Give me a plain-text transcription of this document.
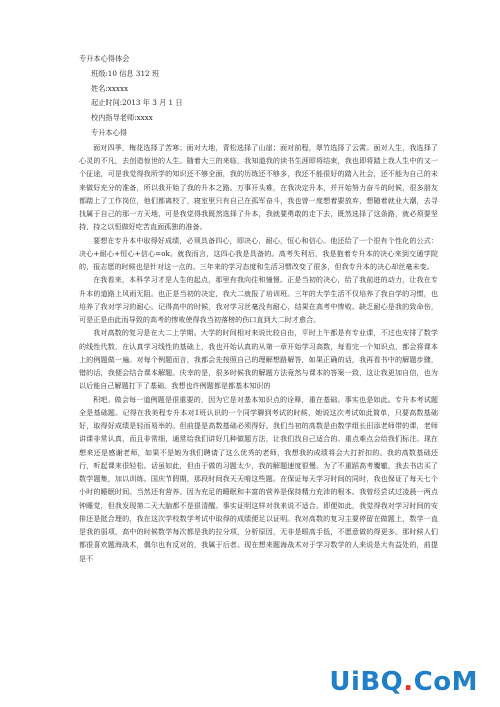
专升本心得体会
班级:10 信息 312 班
姓名:xxxxx
起止时间:2013 年 3 月 1 日
校内指导老师:xxxx
专升本心得

面对四季，梅花选择了苦寒；面对大地，青松选择了山崖；面对前程，翠竹选择了云霄。面对人生，我选择了心灵的不凡，去创造惊世的人生。随着大三的来临，我知道我的读书生涯即将结束，我也即将踏上我人生中的又一个征途，可是我觉得我所学的知识还不够全面，我的历练还不够多，我还不能很好的踏入社会，还不能为自己的未来做好充分的准备，所以我开始了我的升本之路。万事开头难，在我决定升本，并开始努力奋斗的时候，很多朋友都踏上了工作岗位，他们都离校了，寝室里只有自己在孤军奋斗，我也曾一度想着要放弃，想随着就业大潮，去寻找属于自己的那一方天地，可是我觉得我既然选择了升本，我就要勇敢的走下去，既然选择了这条路，就必须要坚持，持之以恒做好吃苦直面孤独的准备。

要想在专升本中取得好成绩，必须具备四心，即决心，耐心，恒心和信心。他还给了一个很有个性化的公式：决心+耐心+恒心+信心=ok。就我而言，这四心我是具备的。高考失利后，我是抱着专升本的决心来到交通学院的，报志愿的时候也是针对这一点的。三年来的学习态度和生活习惯改变了很多，但我专升本的决心却丝毫未变。

在我看来，本科学习才是人生的起点，那里有我向往和憧憬。正是当初的决心，给了我前进的动力，让我在专升本的道路上风雨无阻。也正是当初的决定，我大二就报了培训班。三年的大学生活不仅培养了我自学的习惯，也培养了我对学习的耐心。记得高中的时候，我对学习丝毫没有耐心，结果在高考中惨败。缺乏耐心是我的致命伤，可是正是由此而导致的高考的惨败使得我当初落榜的伤口直到大二时才愈合。

我对高数的复习是在大二上学期。大学的时间相对来说比较自由，平时上午都是有专业课，不过也安排了数学的线性代数，在认真学习线性的基础上，我也开始认真的从第一章开始学习高数，每看完一个知识点，都会将课本上的例题做一遍。对每个例题而言，我都会先按照自己的理解想路解答，如果正确的话，我再看书中的解题步骤，错的话，我便会结合课本解题。庆幸的是，很多时候我的解题方法竟然与课本的答案一致，这让我更加自信，也为以后能自己解题打下了基础。我想也许例题都是都基本知识的

积吧。做会每一道例题是很重要的，因为它是对基本知识点的诠释，重在基础。事实也是如此。专升本考试题全是基础题。记得在我美程专升本对1班认识的一个同学聊到考试的时候，她说这次考试如此简单，只要高数基础好，取得好成绩是轻而易举的。但前提是高数基础必须得好。我们当初的高数是由数学组长田添老师带的课，老师讲课非常认真，而且非常细，通常给我们讲好几种做题方法，让我们找自己适合的。重点难点会给我们标注。现在想来还是感谢老师，如果不是她为我们聘请了这么优秀的老师，我想我的成绩将会大打折扣的。我的高数基础还行，听起课来很轻松。话虽如此，但由于做的习题太少，我的解题速度很慢。为了不重蹈高考覆辙，我去书店买了数学题集，加以训练。国庆节假期，那段时间我天天啃这些题。在保证每天学习时间的同时，我也保证了每天七个小时的睡眠时间。当然还有营养。因为充足的睡眠和丰富的营养是保持精力充沛的根本。我曾经尝试过凌晨一两点钟睡觉，但我发现第二天大脑都不是很清醒。事实证明这样对我来说不适合。即便如此，我觉得我对学习时间的安排还是挺合理的，我在这次学校数学考试中取得的成绩便足以证明。我对高数的复习主要停留在做题上，数学一直是我的弱项，高中的时候数学每次都是我的拉分项，分析原因，无非是眼高手低，不愿意做的得更多。那时候人们都很喜欢题海战术，偶尔也有反对的，我属于后者。现在想来题海战术对于学习数学的人来说是大有益处的，前提是不

UiBQ.CoM
